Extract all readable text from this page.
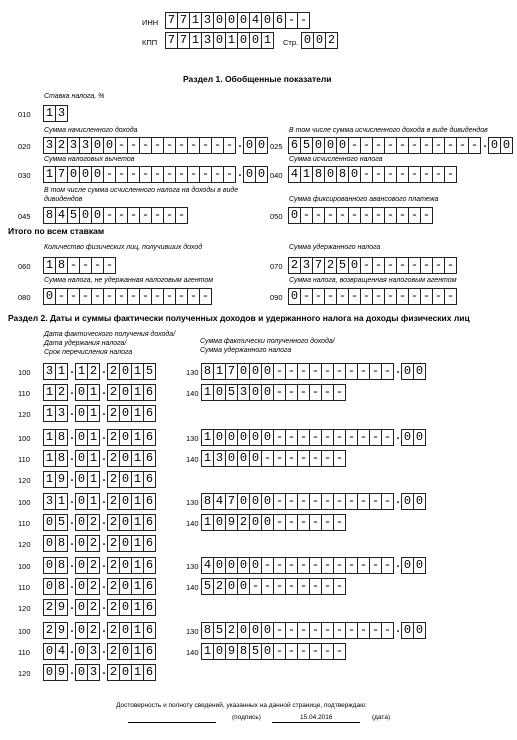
ИНН 7 7 1 3 0 0 0 4 0 6 - -
КПП 7 7 1 3 0 1 0 0 1	Стр. 0 0 2
Раздел 1. Обобщенные показатели
010
Ставка налога, %
1 3
Сумма начисленного дохода
020 3 2 3 3 0 0 - - - - - - - - - - . 0 0
В том числе сумма исчисленного дохода в виде дивидендов
025 6 5 0 0 0 - - - - - - - - - - - . 0 0
Сумма налоговых вычетов
030 1 7 0 0 0 - - - - - - - - - - - . 0 0
Сумма исчисленного налога
040 4 1 8 0 8 0 - - - - - - - -
В том числе сумма исчисленного налога на доходы в виде дивидендов
045 8 4 5 0 0 - - - - - - -
Сумма фиксированного авансового платежа
050 0 - - - - - - - - - - -
Итого по всем ставкам
Количество физических лиц, получивших доход
060 1 8 - - - -
Сумма удержанного налога
070 2 3 7 2 5 0 - - - - - - - -
Сумма налога, не удержанная налоговым агентом
080 0 - - - - - - - - - - - - -
Сумма налога, возвращенная налоговым агентом
090 0 - - - - - - - - - - - - -
Раздел 2. Даты и суммы фактически полученных доходов и удержанного налога на доходы физических лиц
Дата фактического получения дохода/
Дата удержания налога/
Срок перечисления налога
Сумма фактически полученного дохода/
Сумма удержанного налога
100 3 1 . 1 2 . 2 0 1 5	130 8 1 7 0 0 0 - - - - - - - - - - . 0 0
110 1 2 . 0 1 . 2 0 1 6	140 1 0 5 3 0 0 - - - - - -
120 1 3 . 0 1 . 2 0 1 6
100 1 8 . 0 1 . 2 0 1 6	130 1 0 0 0 0 0 - - - - - - - - - - . 0 0
110 1 8 . 0 1 . 2 0 1 6	140 1 3 0 0 0 - - - - - - -
120 1 9 . 0 1 . 2 0 1 6
100 3 1 . 0 1 . 2 0 1 6	130 8 4 7 0 0 0 - - - - - - - - - - . 0 0
110 0 5 . 0 2 . 2 0 1 6	140 1 0 9 2 0 0 - - - - - -
120 0 8 . 0 2 . 2 0 1 6
100 0 8 . 0 2 . 2 0 1 6	130 4 0 0 0 0 - - - - - - - - - - - . 0 0
110 0 8 . 0 2 . 2 0 1 6	140 5 2 0 0 - - - - - - - -
120 2 9 . 0 2 . 2 0 1 6
100 2 9 . 0 2 . 2 0 1 6	130 8 5 2 0 0 0 - - - - - - - - - - . 0 0
110 0 4 . 0 3 . 2 0 1 6	140 1 0 9 8 5 0 - - - - - -
120 0 9 . 0 3 . 2 0 1 6
Достоверность и полноту сведений, указанных на данной странице, подтверждаю:
(подпись)	15.04.2016	(дата)
